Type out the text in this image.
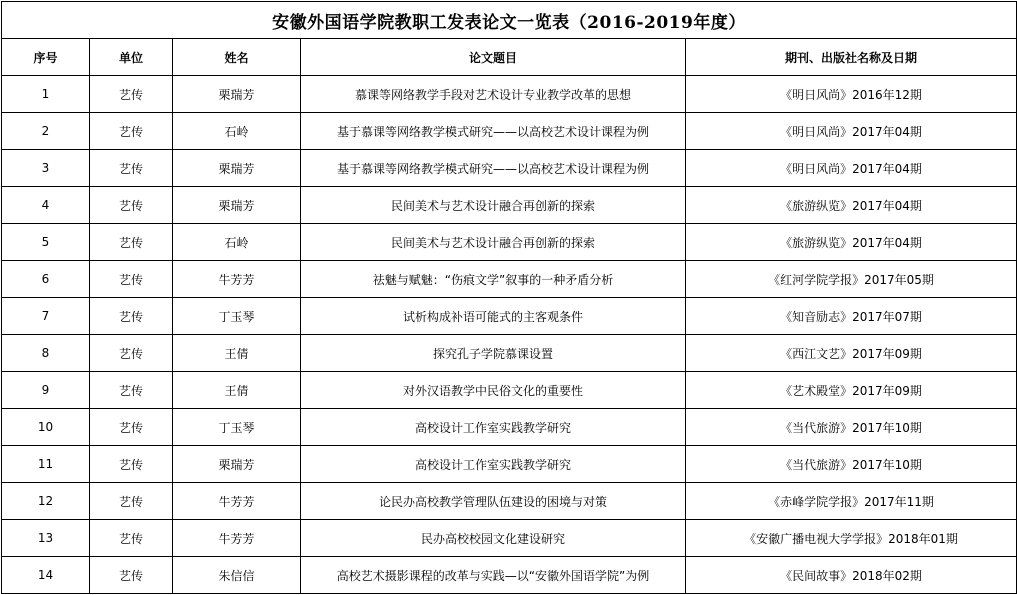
安徽外国语学院教职工发表论文一览表（2016-2019年度）				
序号	单位	姓名	论文题目	期刊、出版社名称及日期
1	艺传	栗瑞芳	慕课等网络教学手段对艺术设计专业教学改革的思想	《明日风尚》2016年12期
2	艺传	石岭	基于慕课等网络教学模式研究——以高校艺术设计课程为例	《明日风尚》2017年04期
3	艺传	栗瑞芳	基于慕课等网络教学模式研究——以高校艺术设计课程为例	《明日风尚》2017年04期
4	艺传	栗瑞芳	民间美术与艺术设计融合再创新的探索	《旅游纵览》2017年04期
5	艺传	石岭	民间美术与艺术设计融合再创新的探索	《旅游纵览》2017年04期
6	艺传	牛芳芳	祛魅与赋魅：“伤痕文学”叙事的一种矛盾分析	《红河学院学报》2017年05期
7	艺传	丁玉琴	试析构成补语可能式的主客观条件	《知音励志》2017年07期
8	艺传	王倩	探究孔子学院慕课设置	《西江文艺》2017年09期
9	艺传	王倩	对外汉语教学中民俗文化的重要性	《艺术殿堂》2017年09期
10	艺传	丁玉琴	高校设计工作室实践教学研究	《当代旅游》2017年10期
11	艺传	栗瑞芳	高校设计工作室实践教学研究	《当代旅游》2017年10期
12	艺传	牛芳芳	论民办高校教学管理队伍建设的困境与对策	《赤峰学院学报》2017年11期
13	艺传	牛芳芳	民办高校校园文化建设研究	《安徽广播电视大学学报》2018年01期
14	艺传	朱信信	高校艺术摄影课程的改革与实践—以“安徽外国语学院”为例	《民间故事》2018年02期
